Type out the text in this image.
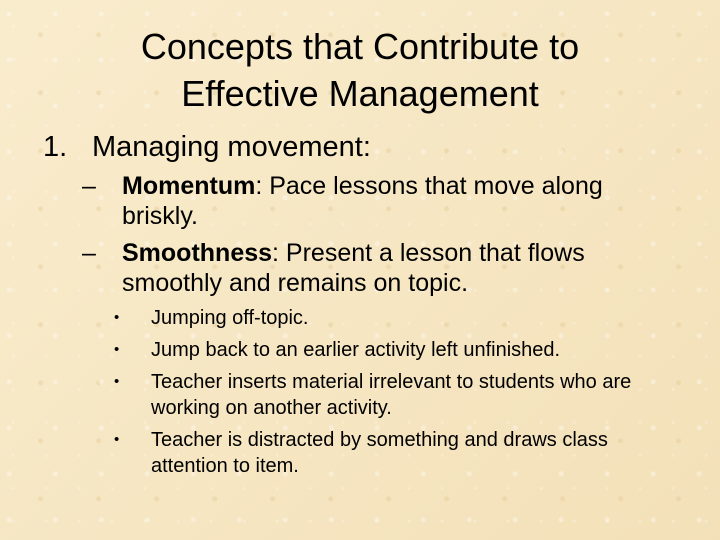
Concepts that Contribute to
Effective Management
1. Managing movement:
–	Momentum: Pace lessons that move along briskly.
–	Smoothness: Present a lesson that flows smoothly and remains on topic.
•	Jumping off-topic.
•	Jump back to an earlier activity left unfinished.
•	Teacher inserts material irrelevant to students who are working on another activity.
•	Teacher is distracted by something and draws class attention to item.
